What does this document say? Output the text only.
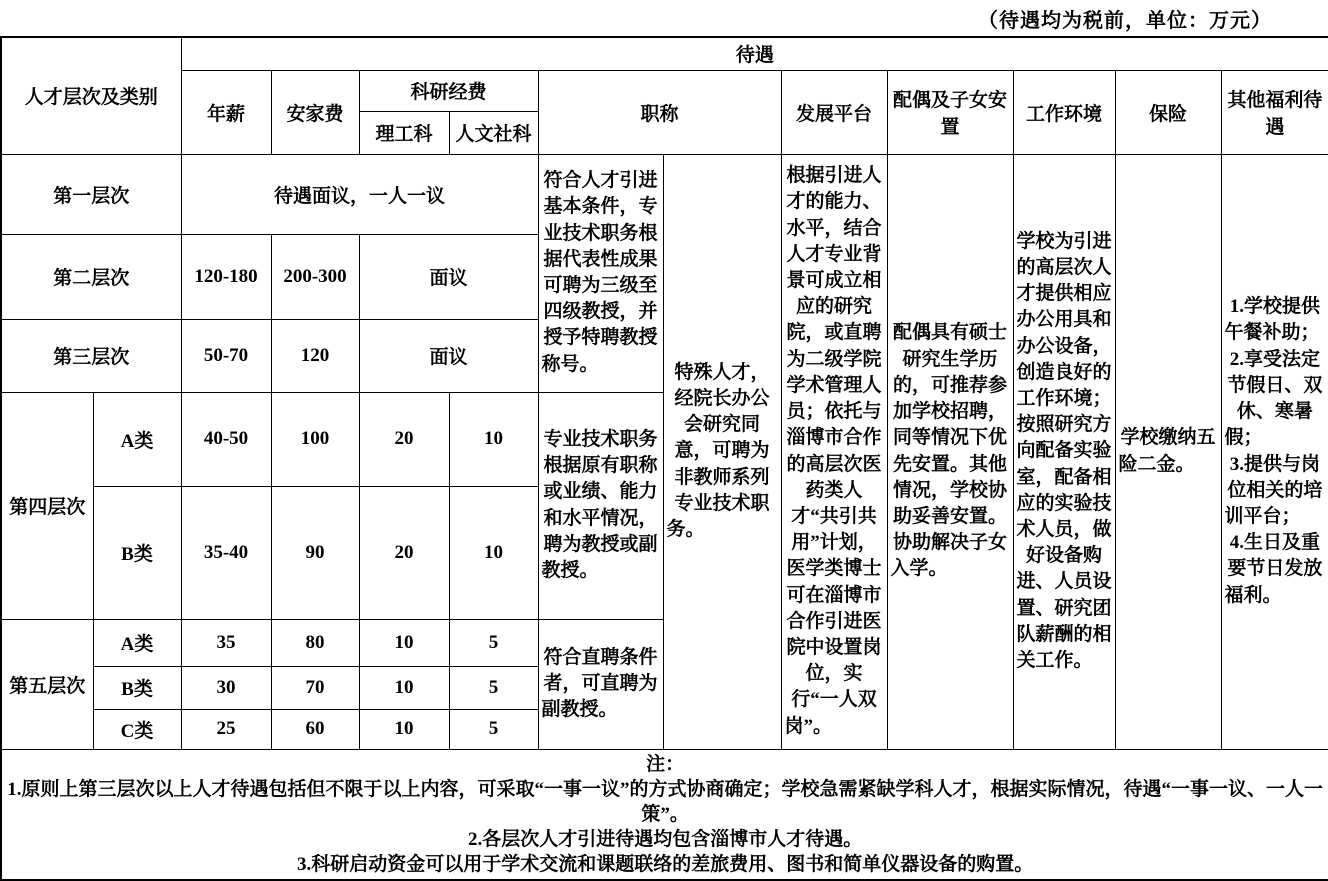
（待遇均为税前，单位：万元）
人才层次及类别		待遇										
		年薪	安家费	科研经费		职称		发展平台	配偶及子女安置	工作环境	保险	其他福利待遇
				理工科	人文社科							
第一层次		待遇面议，一人一议				符合人才引进基本条件，专业技术职务根据代表性成果可聘为三级至四级教授，并授予特聘教授称号。	特殊人才，经院长办公会研究同意，可聘为非教师系列专业技术职务。	根据引进人才的能力、水平，结合人才专业背景可成立相应的研究院，或直聘为二级学院学术管理人员；依托与淄博市合作的高层次医药类人才“共引共用”计划，医学类博士可在淄博市合作引进医院中设置岗位，实行“一人双岗”。	配偶具有硕士研究生学历的，可推荐参加学校招聘，同等情况下优先安置。其他情况，学校协助妥善安置。协助解决子女入学。	学校为引进的高层次人才提供相应办公用具和办公设备，创造良好的工作环境；按照研究方向配备实验室，配备相应的实验技术人员，做好设备购进、人员设置、研究团队薪酬的相关工作。	学校缴纳五险二金。	1.学校提供午餐补助；
2.享受法定节假日、双休、寒暑假；
3.提供与岗位相关的培训平台；
4.生日及重要节日发放福利。

第二层次		120-180	200-300	面议								
第三层次		50-70	120	面议								
第四层次	A类	40-50	100	20	10	专业技术职务根据原有职称或业绩、能力和水平情况，聘为教授或副教授。						
	B类	35-40	90	20	10							
第五层次	A类	35	80	10	5	符合直聘条件者，可直聘为副教授。						
	B类	30	70	10	5							
	C类	25	60	10	5							

注：
1.原则上第三层次以上人才待遇包括但不限于以上内容，可采取“一事一议”的方式协商确定；学校急需紧缺学科人才，根据实际情况，待遇“一事一议、一人一策”。
2.各层次人才引进待遇均包含淄博市人才待遇。
3.科研启动资金可以用于学术交流和课题联络的差旅费用、图书和简单仪器设备的购置。												
